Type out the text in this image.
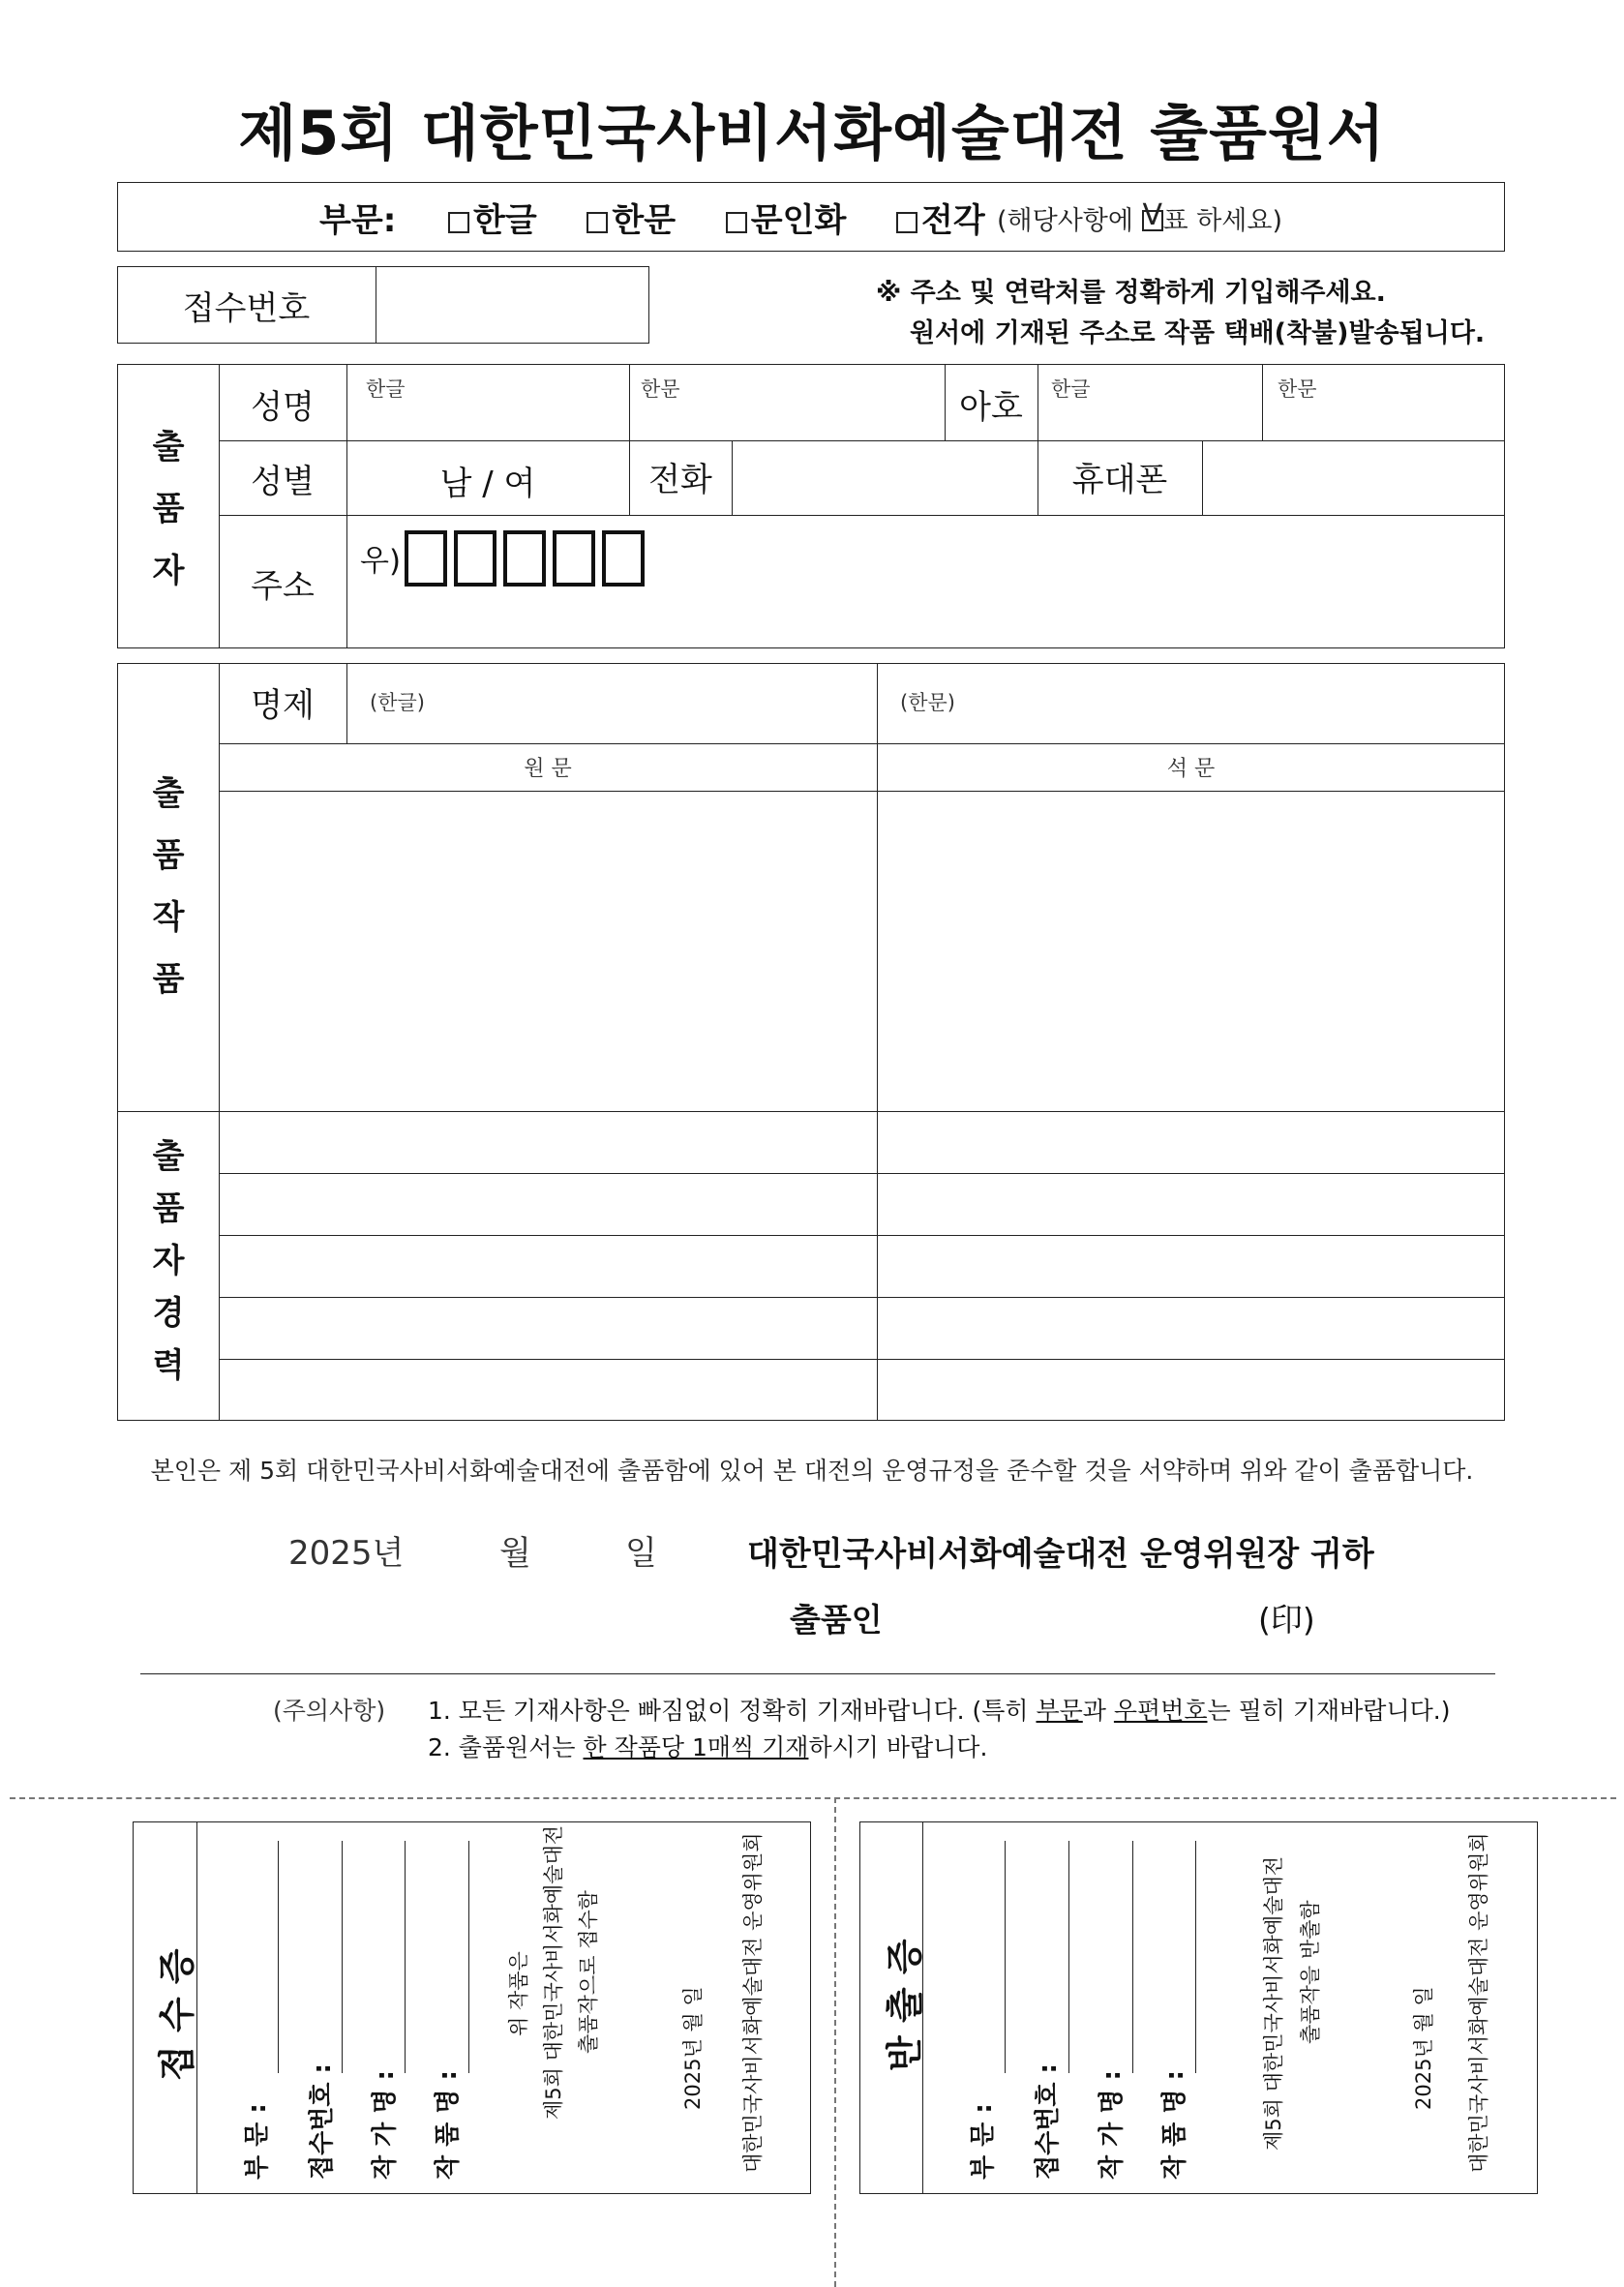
제5회 대한민국사비서화예술대전 출품원서
부문: 한글 한문 문인화 전각 (해당사항에 V 표 하세요)
접수번호	※ 주소 및 연락처를 정확하게 기입해주세요.
원서에 기재된 주소로 작품 택배(착불)발송됩니다.
출
품
자
성명	한글	한문	아호	한글	한문
성별	남 / 여	전화	휴대폰
주소
우)
출
품
작
품
명제	(한글)	(한문)
원 문	석 문
출
품
자
경
력
본인은 제 5회 대한민국사비서화예술대전에 출품함에 있어 본 대전의 운영규정을 준수할 것을 서약하며 위와 같이 출품합니다.
2025년	월	일	대한민국사비서화예술대전 운영위원장 귀하
출품인	(印)
(주의사항) 1. 모든 기재사항은 빠짐없이 정확히 기재바랍니다. (특히 부문과 우편번호는 필히 기재바랍니다.)
2. 출품원서는 한 작품당 1매씩 기재하시기 바랍니다.
접 수 증
부 문 : 접수번호 : 작 가 명 : 작 품 명 :
위 작품은 제5회 대한민국사비서화예술대전 출품작으로 접수함	2025년 월 일 대한민국사비서화예술대전 운영위원회	반 출 증
부 문 : 접수번호 : 작 가 명 : 작 품 명 :	제5회 대한민국사비서화예술대전 출품작을 반출함
2025년 월 일 대한민국사비서화예술대전 운영위원회
